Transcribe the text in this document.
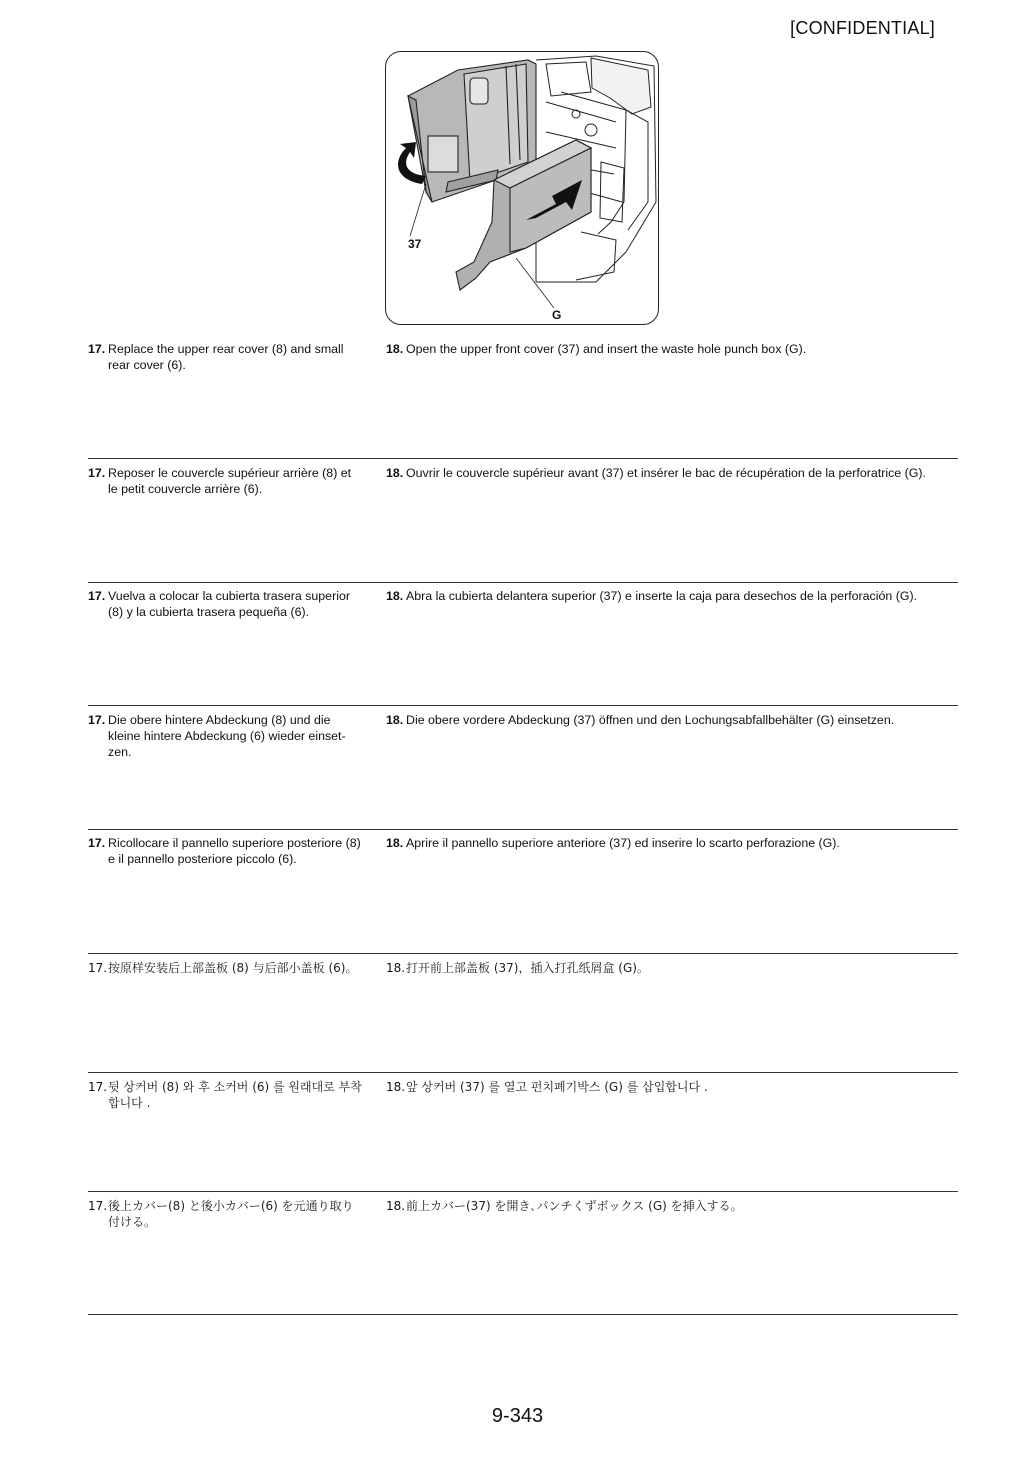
[CONFIDENTIAL]
37
G
17. Replace the upper rear cover (8) and small rear cover (6).
18. Open the upper front cover (37) and insert the waste hole punch box (G).
17. Reposer le couvercle supérieur arrière (8) et le petit couvercle arrière (6).
18. Ouvrir le couvercle supérieur avant (37) et insérer le bac de récupération de la perforatrice (G).
17. Vuelva a colocar la cubierta trasera superior (8) y la cubierta trasera pequeña (6).
18. Abra la cubierta delantera superior (37) e inserte la caja para desechos de la perforación (G).
17. Die obere hintere Abdeckung (8) und die kleine hintere Abdeckung (6) wieder einset-zen.
18. Die obere vordere Abdeckung (37) öffnen und den Lochungsabfallbehälter (G) einsetzen.
17. Ricollocare il pannello superiore posteriore (8) e il pannello posteriore piccolo (6).
18. Aprire il pannello superiore anteriore (37) ed inserire lo scarto perforazione (G).
17. 按原样安装后上部盖板 (8) 与后部小盖板 (6)。	18. 打开前上部盖板 (37)，插入打孔纸屑盒 (G)。
17. 뒷 상커버 (8) 와 후 소커버 (6) 를 원래대로 부착합니다 .
18. 앞 상커버 (37) 를 열고 펀치폐기박스 (G) 를 삽입합니다 .
17. 後上カバー(8) と後小カバー(6) を元通り取り付ける。
18. 前上カバー(37) を開き､パンチくずボックス (G) を挿入する。
9-343
